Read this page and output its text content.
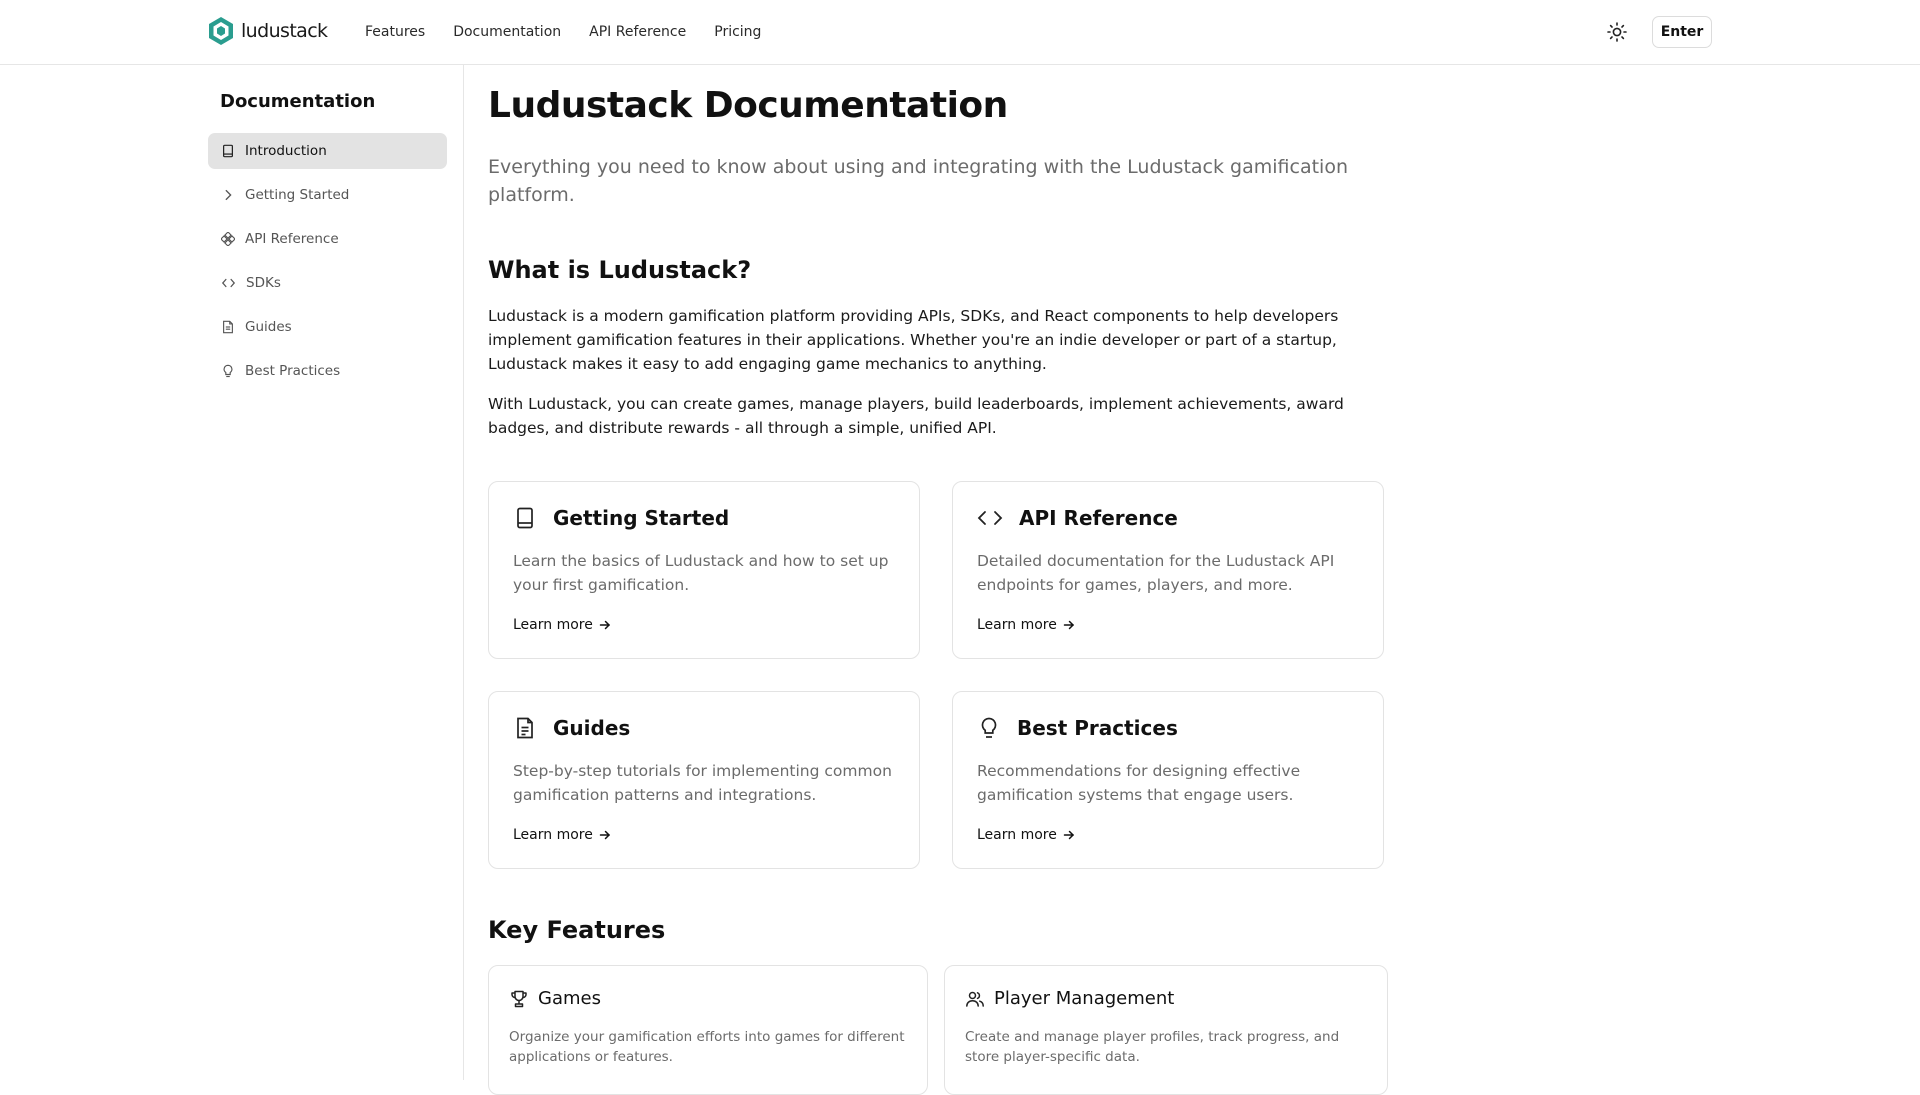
ludustack	Features Documentation API Reference Pricing	Enter
Documentation
Introduction
Getting Started
API Reference
SDKs
Guides
Best Practices
Ludustack Documentation

Everything you need to know about using and integrating with the Ludustack gamification platform.

What is Ludustack?

Ludustack is a modern gamification platform providing APIs, SDKs, and React components to help developers implement gamification features in their applications. Whether you're an indie developer or part of a startup, Ludustack makes it easy to add engaging game mechanics to anything.

With Ludustack, you can create games, manage players, build leaderboards, implement achievements, award badges, and distribute rewards - all through a simple, unified API.

Getting Started

Learn the basics of Ludustack and how to set up your first gamification.

Learn more
API Reference

Detailed documentation for the Ludustack API endpoints for games, players, and more.

Learn more
Guides

Step-by-step tutorials for implementing common gamification patterns and integrations.

Learn more
Best Practices

Recommendations for designing effective gamification systems that engage users.

Learn more
Key Features
Games

Organize your gamification efforts into games for different applications or features.

Player Management

Create and manage player profiles, track progress, and store player-specific data.
